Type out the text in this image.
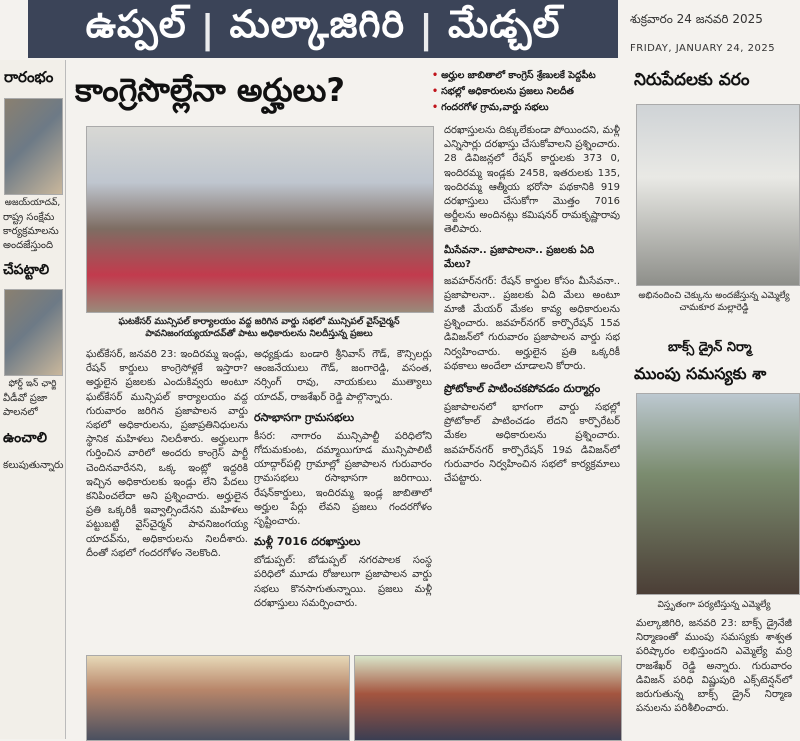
ఉప్పల్ | మల్కాజిగిరి | మేడ్చల్	శుక్రవారం 24 జనవరి 2025
FRIDAY, JANUARY 24, 2025
రారంభం
అజయ్‌యాదవ్,
రాష్ట్ర సంక్షేమ
కార్యక్రమాలను
అందజేస్తుంది
చేపట్టాలి
ఫోర్డ్ ఇన్ ఛార్జి
వీడీవో ప్రజా
పాలనలో
ఉంచాలి
కలుపుతున్నారు
కాంగ్రెసొల్లేనా అర్హులు?	• అర్హుల జాబితాలో కాంగ్రెస్ శ్రేణులకే పెద్దపీట
• సభల్లో అధికారులను ప్రజలు నిలదీత
• గందరగోళ గ్రామ,వార్డు సభలు
ఘటకేసర్ మున్సిపల్ కార్యాలయం వద్ద జరిగిన వార్డు సభలో మున్సిపల్ వైస్‌చైర్మన్ పావనిజంగయ్యయాదవ్‌తో పాటు అధికారులను నిలదీస్తున్న ప్రజలు
ఘట్‌కేసర్, జనవరి 23: ఇందిరమ్మ ఇండ్లు, రేషన్ కార్డులు కాంగ్రెసోళ్లకే ఇస్తారా? అర్హులైన ప్రజలకు ఎందుకివ్వరు అంటూ ఘట్‌కేసర్ మున్సిపల్ కార్యాలయం వద్ద గురువారం జరిగిన ప్రజాపాలన వార్డు సభలో అధికారులను, ప్రజాప్రతినిధులను స్థానిక మహిళలు నిలదీశారు. అర్హులుగా గుర్తించిన వారిలో అందరు కాంగ్రెస్ పార్టీ చెందినవారేనని, ఒక్క ఇంట్లో ఇద్దరికి ఇచ్చిన అధికారులకు ఇండ్లు లేని పేదలు కనిపించలేదా అని ప్రశ్నించారు. అర్హులైన ప్రతి ఒక్కరికీ ఇవ్వాల్సిందేనని మహిళలు పట్టుబట్టి వైస్‌చైర్మన్ పావనిజంగయ్య యాదవ్‌ను, అధికారులను నిలదీశారు. దీంతో సభలో గందరగోళం నెలకొంది.
అధ్యక్షుడు బండారి శ్రీనివాస్ గౌడ్, కౌన్సిలర్లు ఆంజనేయులు గౌడ్, జంగారెడ్డి, వసంత, నర్సింగ్ రావు, నాయకులు ముత్యాలు యాదవ్, రాజశేఖర్ రెడ్డి పాల్గొన్నారు.
రసాభాసగా గ్రామసభలు
కీసర: నాగారం మున్సిపాల్టీ పరిధిలోని గోదుమకుంట, దమ్మాయిగూడ మున్సిపాలిటీ యాద్గార్‌పల్లి గ్రామాల్లో ప్రజాపాలన గురువారం గ్రామసభలు రసాభాసగా జరిగాయి. రేషన్‌కార్డులు, ఇందిరమ్మ ఇండ్ల జాబితాలో అర్హుల పేర్లు లేవని ప్రజలు గందరగోళం సృష్టించారు.
మళ్లీ 7016 దరఖాస్తులు
బోడుప్పల్: బోడుప్పల్ నగరపాలక సంస్థ పరిధిలో మూడు రోజులుగా ప్రజాపాలన వార్డు సభలు కొనసాగుతున్నాయి. ప్రజలు మళ్లీ దరఖాస్తులు సమర్పించారు.
దరఖాస్తులను దిక్కులేకుండా పోయిందని, మళ్లీ ఎన్నిసార్లు దరఖాస్తు చేసుకోవాలని ప్రశ్నించారు. 28 డివిజన్లలో రేషన్ కార్డులకు 373 0, ఇందిరమ్మ ఇండ్లకు 2458, ఇతరులకు 135, ఇందిరమ్మ ఆత్మీయ భరోసా పథకానికి 919 దరఖాస్తులు చేసుకోగా మొత్తం 7016 అర్జీలను అందినట్లు కమిషనర్ రామకృష్ణారావు తెలిపారు.
మీసేవనా.. ప్రజాపాలనా.. ప్రజలకు ఏది మేలు?
జవహర్‌నగర్: రేషన్ కార్డుల కోసం మీసేవనా.. ప్రజాపాలనా.. ప్రజలకు ఏది మేలు అంటూ మాజీ మేయర్ మేకల కావ్య అధికారులను ప్రశ్నించారు. జవహర్‌నగర్ కార్పొరేషన్ 15వ డివిజన్‌లో గురువారం ప్రజాపాలన వార్డు సభ నిర్వహించారు. అర్హులైన ప్రతి ఒక్కరికీ పథకాలు అందేలా చూడాలని కోరారు.
ప్రోటోకాల్ పాటించకపోవడం దుర్మార్గం
ప్రజాపాలనలో భాగంగా వార్డు సభల్లో ప్రోటోకాల్ పాటించడం లేదని కార్పొరేటర్ మేకల అధికారులను ప్రశ్నించారు. జవహర్‌నగర్ కార్పొరేషన్ 19వ డివిజన్‌లో గురువారం నిర్వహించిన సభలో కార్యక్రమాలు చేపట్టారు.
నిరుపేదలకు వరం
అభినందించి చెక్కును అందజేస్తున్న ఎమ్మెల్యే చామకూర మల్లారెడ్డి
బాక్స్ డ్రైన్ నిర్మా
ముంపు సమస్యకు శా
విస్తృతంగా పర్యటిస్తున్న ఎమ్మెల్యే
మల్కాజిగిరి, జనవరి 23: బాక్స్ డ్రైనేజీ నిర్మాణంతో ముంపు సమస్యకు శాశ్వత పరిష్కారం లభిస్తుందని ఎమ్మెల్యే మర్రి రాజశేఖర్ రెడ్డి అన్నారు. గురువారం డివిజన్ పరిధి విష్ణుపురి ఎక్స్‌టెన్షన్‌లో జరుగుతున్న బాక్స్ డ్రైన్ నిర్మాణ పనులను పరిశీలించారు.
